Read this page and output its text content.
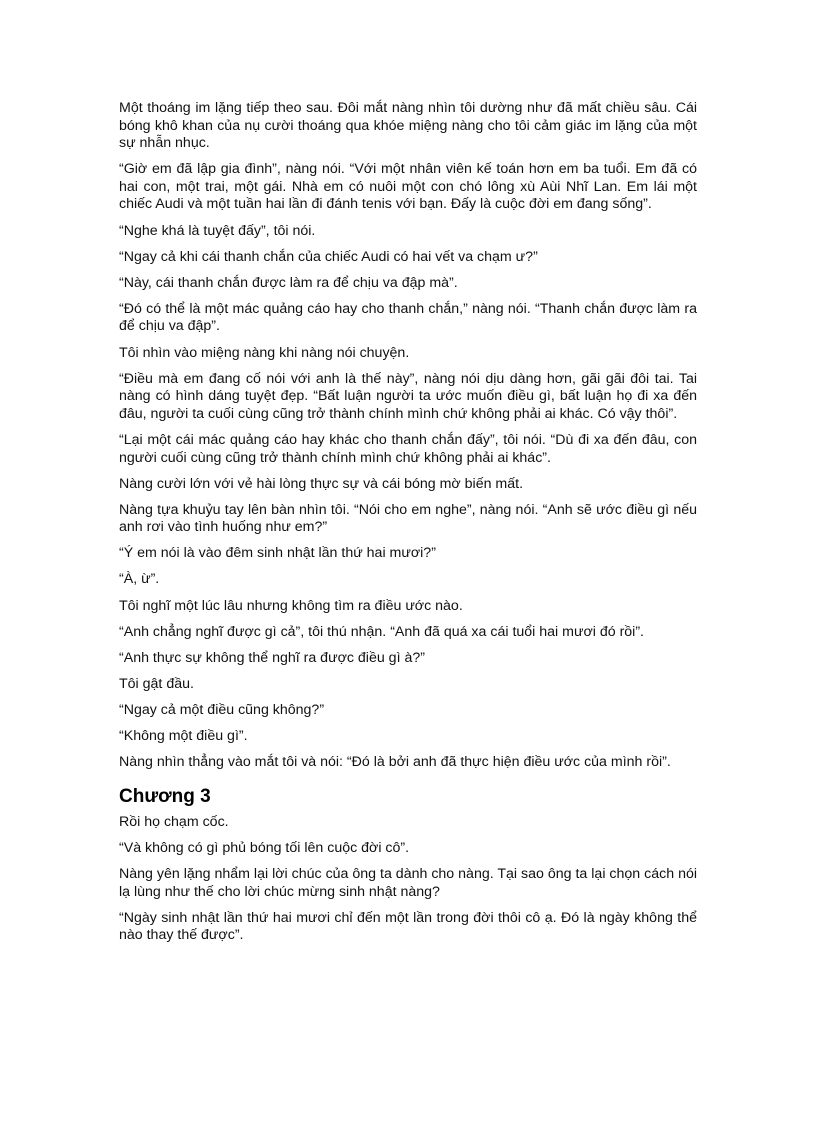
Một thoáng im lặng tiếp theo sau. Đôi mắt nàng nhìn tôi dường như đã mất chiều sâu. Cái bóng khô khan của nụ cười thoáng qua khóe miệng nàng cho tôi cảm giác im lặng của một sự nhẫn nhục.

“Giờ em đã lập gia đình”, nàng nói. “Với một nhân viên kế toán hơn em ba tuổi. Em đã có hai con, một trai, một gái. Nhà em có nuôi một con chó lông xù Aùi Nhĩ Lan. Em lái một chiếc Audi và một tuần hai lần đi đánh tenis với bạn. Đấy là cuộc đời em đang sống”.

“Nghe khá là tuyệt đấy”, tôi nói.

“Ngay cả khi cái thanh chắn của chiếc Audi có hai vết va chạm ư?”

“Này, cái thanh chắn được làm ra để chịu va đập mà”.

“Đó có thể là một mác quảng cáo hay cho thanh chắn,” nàng nói. “Thanh chắn được làm ra để chịu va đập”.

Tôi nhìn vào miệng nàng khi nàng nói chuyện.

“Điều mà em đang cố nói với anh là thế này”, nàng nói dịu dàng hơn, gãi gãi đôi tai. Tai nàng có hình dáng tuyệt đẹp. “Bất luận người ta ước muốn điều gì, bất luận họ đi xa đến đâu, người ta cuối cùng cũng trở thành chính mình chứ không phải ai khác. Có vậy thôi”.

“Lại một cái mác quảng cáo hay khác cho thanh chắn đấy”, tôi nói. “Dù đi xa đến đâu, con người cuối cùng cũng trở thành chính mình chứ không phải ai khác”.

Nàng cười lớn với vẻ hài lòng thực sự và cái bóng mờ biến mất.

Nàng tựa khuỷu tay lên bàn nhìn tôi. “Nói cho em nghe”, nàng nói. “Anh sẽ ước điều gì nếu anh rơi vào tình huống như em?”

“Ý em nói là vào đêm sinh nhật lần thứ hai mươi?”

“À, ừ”.

Tôi nghĩ một lúc lâu nhưng không tìm ra điều ước nào.

“Anh chẳng nghĩ được gì cả”, tôi thú nhận. “Anh đã quá xa cái tuổi hai mươi đó rồi”.

“Anh thực sự không thể nghĩ ra được điều gì à?”

Tôi gật đầu.

“Ngay cả một điều cũng không?”

“Không một điều gì”.

Nàng nhìn thẳng vào mắt tôi và nói: “Đó là bởi anh đã thực hiện điều ước của mình rồi”.

Chương 3

Rồi họ chạm cốc.

“Và không có gì phủ bóng tối lên cuộc đời cô”.

Nàng yên lặng nhẩm lại lời chúc của ông ta dành cho nàng. Tại sao ông ta lại chọn cách nói lạ lùng như thế cho lời chúc mừng sinh nhật nàng?

“Ngày sinh nhật lần thứ hai mươi chỉ đến một lần trong đời thôi cô ạ. Đó là ngày không thể nào thay thế được”.
